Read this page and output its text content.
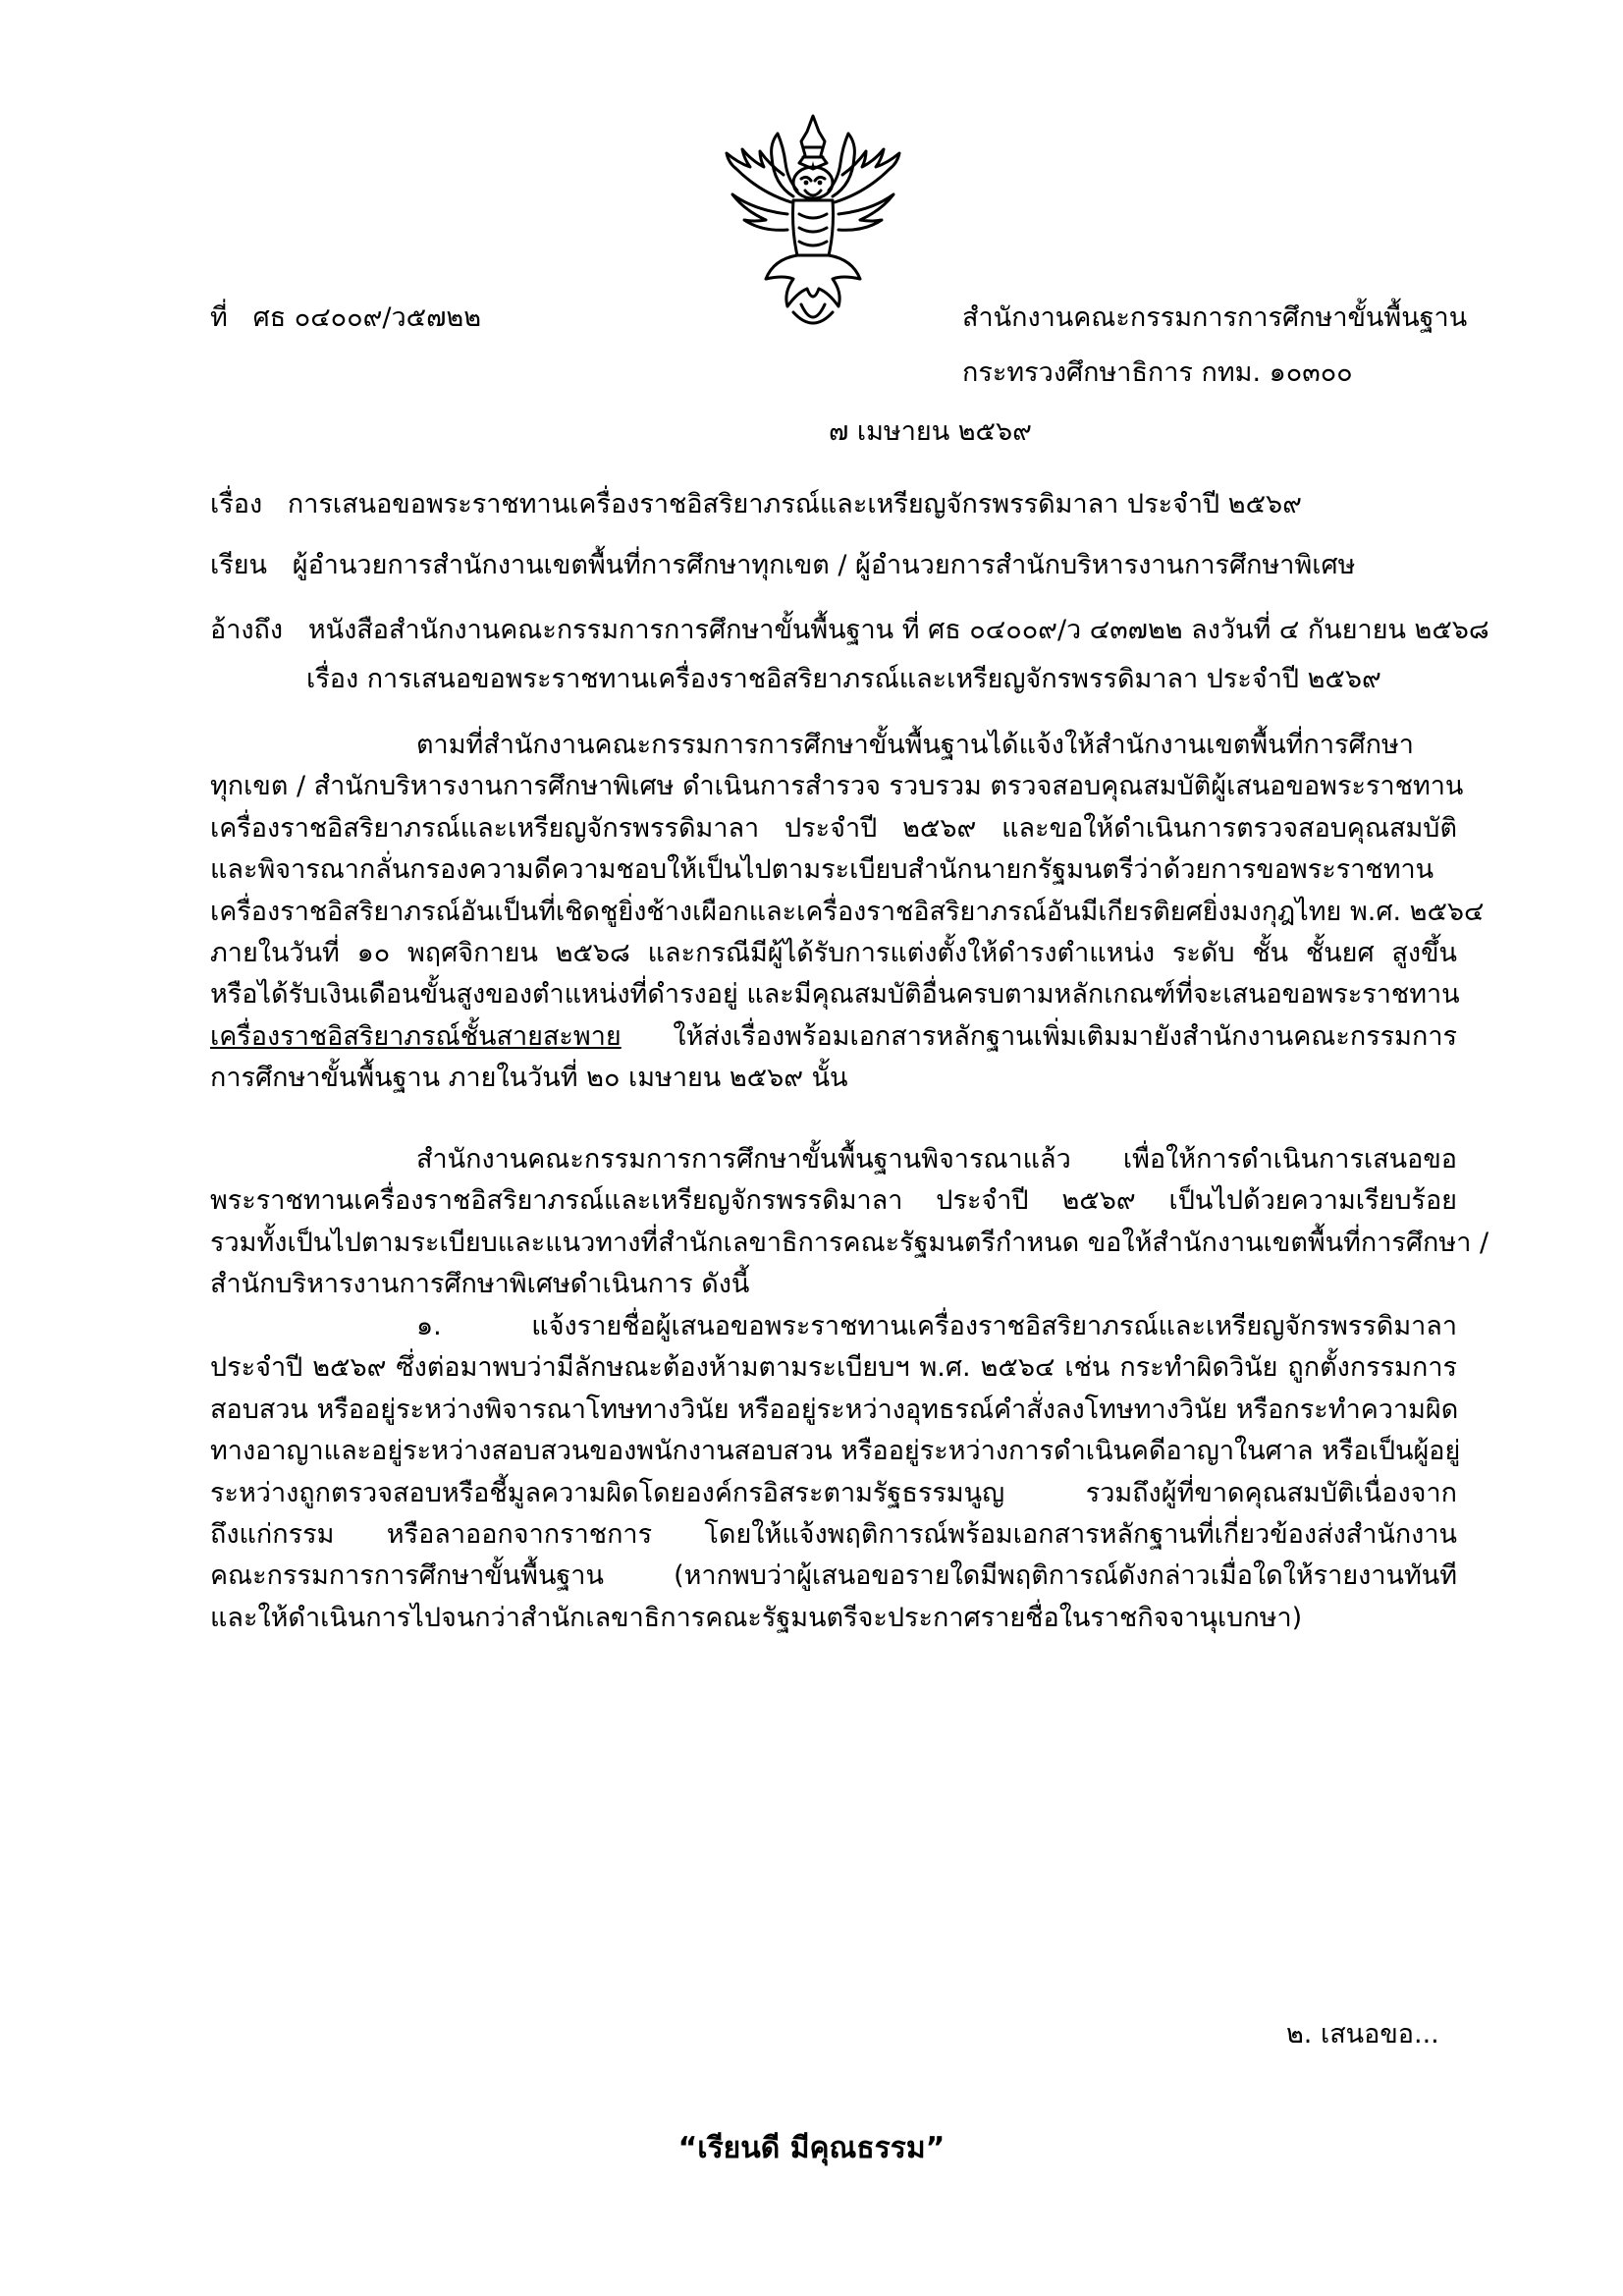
ที่ ศธ ๐๔๐๐๙/ว๕๗๒๒	สำนักงานคณะกรรมการการศึกษาขั้นพื้นฐาน
กระทรวงศึกษาธิการ กทม. ๑๐๓๐๐
๗ เมษายน ๒๕๖๙
เรื่อง การเสนอขอพระราชทานเครื่องราชอิสริยาภรณ์และเหรียญจักรพรรดิมาลา ประจำปี ๒๕๖๙
เรียน ผู้อำนวยการสำนักงานเขตพื้นที่การศึกษาทุกเขต / ผู้อำนวยการสำนักบริหารงานการศึกษาพิเศษ
อ้างถึง หนังสือสำนักงานคณะกรรมการการศึกษาขั้นพื้นฐาน ที่ ศธ ๐๔๐๐๙/ว ๔๓๗๒๒ ลงวันที่ ๔ กันยายน ๒๕๖๘
เรื่อง การเสนอขอพระราชทานเครื่องราชอิสริยาภรณ์และเหรียญจักรพรรดิมาลา ประจำปี ๒๕๖๙
ตามที่สำนักงานคณะกรรมการการศึกษาขั้นพื้นฐานได้แจ้งให้สำนักงานเขตพื้นที่การศึกษา
ทุกเขต / สำนักบริหารงานการศึกษาพิเศษ ดำเนินการสำรวจ รวบรวม ตรวจสอบคุณสมบัติผู้เสนอขอพระราชทาน
เครื่องราชอิสริยาภรณ์และเหรียญจักรพรรดิมาลา ประจำปี ๒๕๖๙ และขอให้ดำเนินการตรวจสอบคุณสมบัติ
และพิจารณากลั่นกรองความดีความชอบให้เป็นไปตามระเบียบสำนักนายกรัฐมนตรีว่าด้วยการขอพระราชทาน
เครื่องราชอิสริยาภรณ์อันเป็นที่เชิดชูยิ่งช้างเผือกและเครื่องราชอิสริยาภรณ์อันมีเกียรติยศยิ่งมงกุฎไทย พ.ศ. ๒๕๖๔
ภายในวันที่ ๑๐ พฤศจิกายน ๒๕๖๘ และกรณีมีผู้ได้รับการแต่งตั้งให้ดำรงตำแหน่ง ระดับ ชั้น ชั้นยศ สูงขึ้น
หรือได้รับเงินเดือนขั้นสูงของตำแหน่งที่ดำรงอยู่ และมีคุณสมบัติอื่นครบตามหลักเกณฑ์ที่จะเสนอขอพระราชทาน
เครื่องราชอิสริยาภรณ์ชั้นสายสะพาย ให้ส่งเรื่องพร้อมเอกสารหลักฐานเพิ่มเติมมายังสำนักงานคณะกรรมการ
การศึกษาขั้นพื้นฐาน ภายในวันที่ ๒๐ เมษายน ๒๕๖๙ นั้น
สำนักงานคณะกรรมการการศึกษาขั้นพื้นฐานพิจารณาแล้ว เพื่อให้การดำเนินการเสนอขอ
พระราชทานเครื่องราชอิสริยาภรณ์และเหรียญจักรพรรดิมาลา ประจำปี ๒๕๖๙ เป็นไปด้วยความเรียบร้อย
รวมทั้งเป็นไปตามระเบียบและแนวทางที่สำนักเลขาธิการคณะรัฐมนตรีกำหนด ขอให้สำนักงานเขตพื้นที่การศึกษา /
สำนักบริหารงานการศึกษาพิเศษดำเนินการ ดังนี้
๑. แจ้งรายชื่อผู้เสนอขอพระราชทานเครื่องราชอิสริยาภรณ์และเหรียญจักรพรรดิมาลา
ประจำปี ๒๕๖๙ ซึ่งต่อมาพบว่ามีลักษณะต้องห้ามตามระเบียบฯ พ.ศ. ๒๕๖๔ เช่น กระทำผิดวินัย ถูกตั้งกรรมการ
สอบสวน หรืออยู่ระหว่างพิจารณาโทษทางวินัย หรืออยู่ระหว่างอุทธรณ์คำสั่งลงโทษทางวินัย หรือกระทำความผิด
ทางอาญาและอยู่ระหว่างสอบสวนของพนักงานสอบสวน หรืออยู่ระหว่างการดำเนินคดีอาญาในศาล หรือเป็นผู้อยู่
ระหว่างถูกตรวจสอบหรือชี้มูลความผิดโดยองค์กรอิสระตามรัฐธรรมนูญ รวมถึงผู้ที่ขาดคุณสมบัติเนื่องจาก
ถึงแก่กรรม หรือลาออกจากราชการ โดยให้แจ้งพฤติการณ์พร้อมเอกสารหลักฐานที่เกี่ยวข้องส่งสำนักงาน
คณะกรรมการการศึกษาขั้นพื้นฐาน (หากพบว่าผู้เสนอขอรายใดมีพฤติการณ์ดังกล่าวเมื่อใดให้รายงานทันที
และให้ดำเนินการไปจนกว่าสำนักเลขาธิการคณะรัฐมนตรีจะประกาศรายชื่อในราชกิจจานุเบกษา)
๒. เสนอขอ...
“เรียนดี มีคุณธรรม”
